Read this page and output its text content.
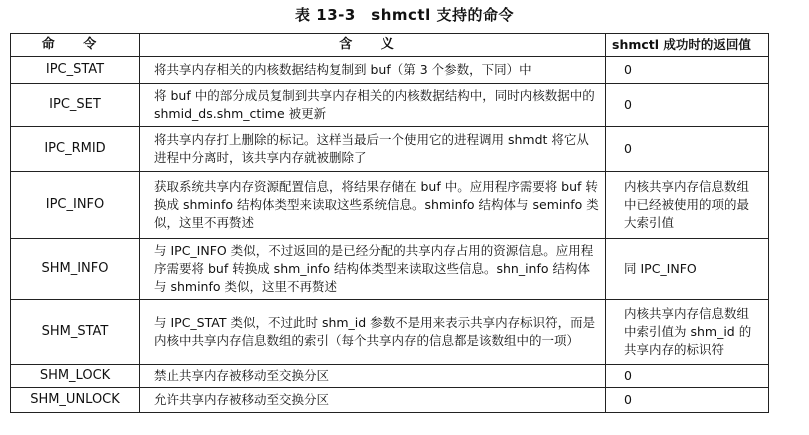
表 13-3　shmctl 支持的命令
命 令	含 义	shmctl 成功时的返回值
IPC_STAT	将共享内存相关的内核数据结构复制到 buf（第 3 个参数，下同）中	0
IPC_SET	将 buf 中的部分成员复制到共享内存相关的内核数据结构中，同时内核数据中的 shmid_ds.shm_ctime 被更新	0
IPC_RMID	将共享内存打上删除的标记。这样当最后一个使用它的进程调用 shmdt 将它从进程中分离时，该共享内存就被删除了	0
IPC_INFO	获取系统共享内存资源配置信息，将结果存储在 buf 中。应用程序需要将 buf 转换成 shminfo 结构体类型来读取这些系统信息。shminfo 结构体与 seminfo 类似，这里不再赘述	内核共享内存信息数组中已经被使用的项的最大索引值
SHM_INFO	与 IPC_INFO 类似，不过返回的是已经分配的共享内存占用的资源信息。应用程序需要将 buf 转换成 shm_info 结构体类型来读取这些信息。shn_info 结构体与 shminfo 类似，这里不再赘述	同 IPC_INFO
SHM_STAT	与 IPC_STAT 类似，不过此时 shm_id 参数不是用来表示共享内存标识符，而是内核中共享内存信息数组的索引（每个共享内存的信息都是该数组中的一项）	内核共享内存信息数组中索引值为 shm_id 的共享内存的标识符
SHM_LOCK	禁止共享内存被移动至交换分区	0
SHM_UNLOCK	允许共享内存被移动至交换分区	0
